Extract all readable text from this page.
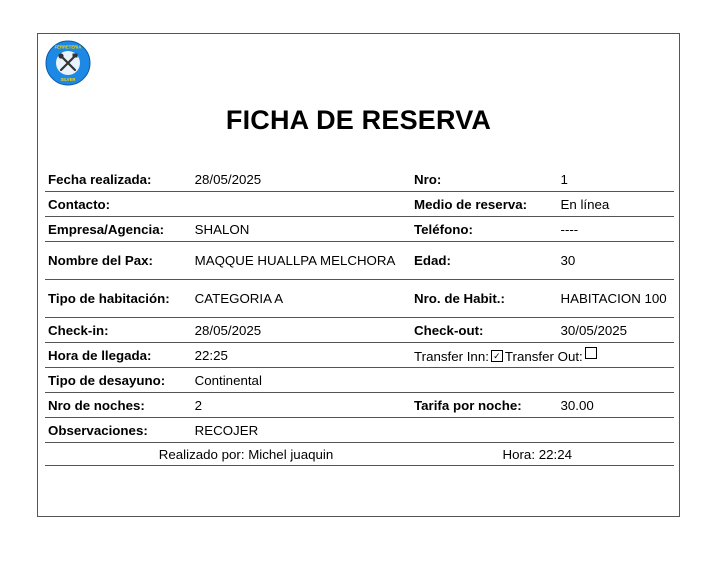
FERRETERIA
SILVER
FICHA DE RESERVA
Fecha realizada:	28/05/2025	Nro:	1
Contacto:		Medio de reserva:	En línea
Empresa/Agencia:	SHALON	Teléfono:	----
Nombre del Pax:	MAQQUE HUALLPA MELCHORA	Edad:	30
Tipo de habitación:	CATEGORIA A	Nro. de Habit.:	HABITACION 100
Check-in:	28/05/2025	Check-out:	30/05/2025
Hora de llegada:	22:25	Transfer Inn: ✓ Transfer Out:	
Tipo de desayuno:	Continental		
Nro de noches:	2	Tarifa por noche:	30.00
Observaciones:	RECOJER		
Realizado por: Michel juaquin		Hora: 22:24	
